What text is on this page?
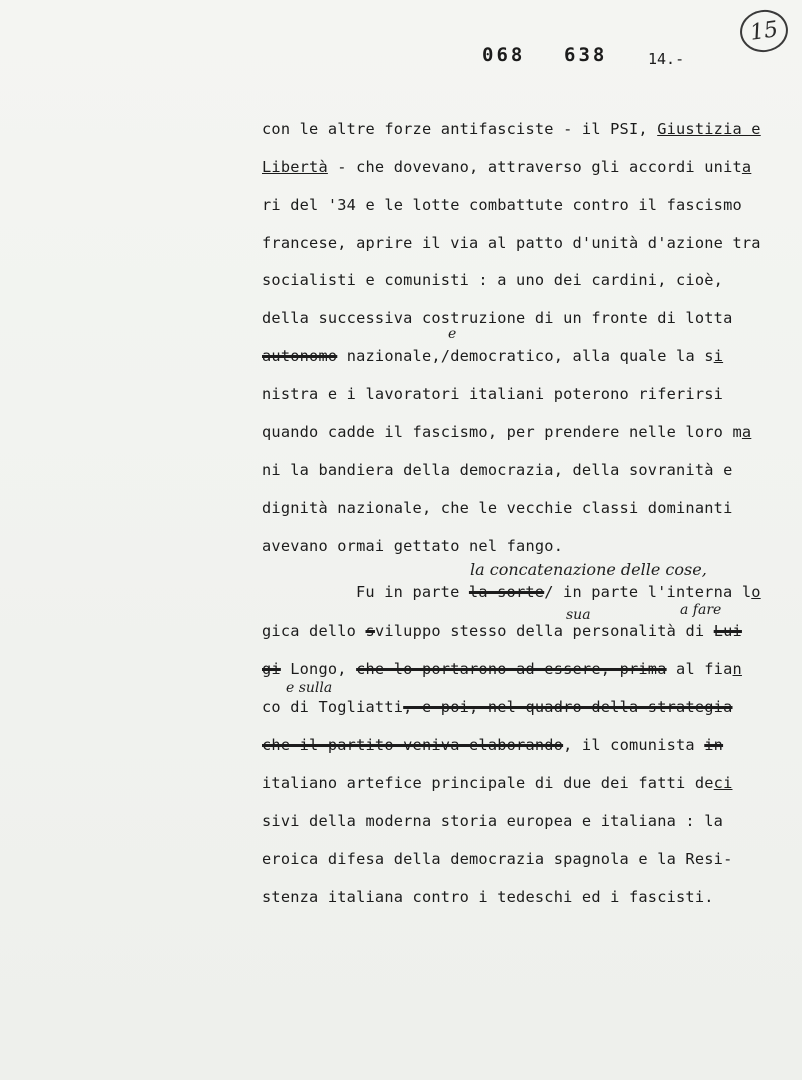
068 638	14.-
15
con le altre forze antifasciste - il PSI, Giustizia e
Libertà - che dovevano, attraverso gli accordi unita
ri del '34 e le lotte combattute contro il fascismo
francese, aprire il via al patto d'unità d'azione tra
socialisti e comunisti : a uno dei cardini, cioè,
della successiva costruzione di un fronte di lotta
e
autonomo nazionale,/democratico, alla quale la si
nistra e i lavoratori italiani poterono riferirsi
quando cadde il fascismo, per prendere nelle loro ma
ni la bandiera della democrazia, della sovranità e
dignità nazionale, che le vecchie classi dominanti
avevano ormai gettato nel fango.
la concatenazione delle cose,
Fu in parte la sorte/ in parte l'interna lo
sua	a fare
gica dello sviluppo stesso della personalità di Lui
gi Longo, che lo portarono ad essere, prima al fian
e sulla
co di Togliatti, e poi, nel quadro della strategia
che il partito veniva elaborando, il comunista in
italiano artefice principale di due dei fatti deci
sivi della moderna storia europea e italiana : la
eroica difesa della democrazia spagnola e la Resi-
stenza italiana contro i tedeschi ed i fascisti.
